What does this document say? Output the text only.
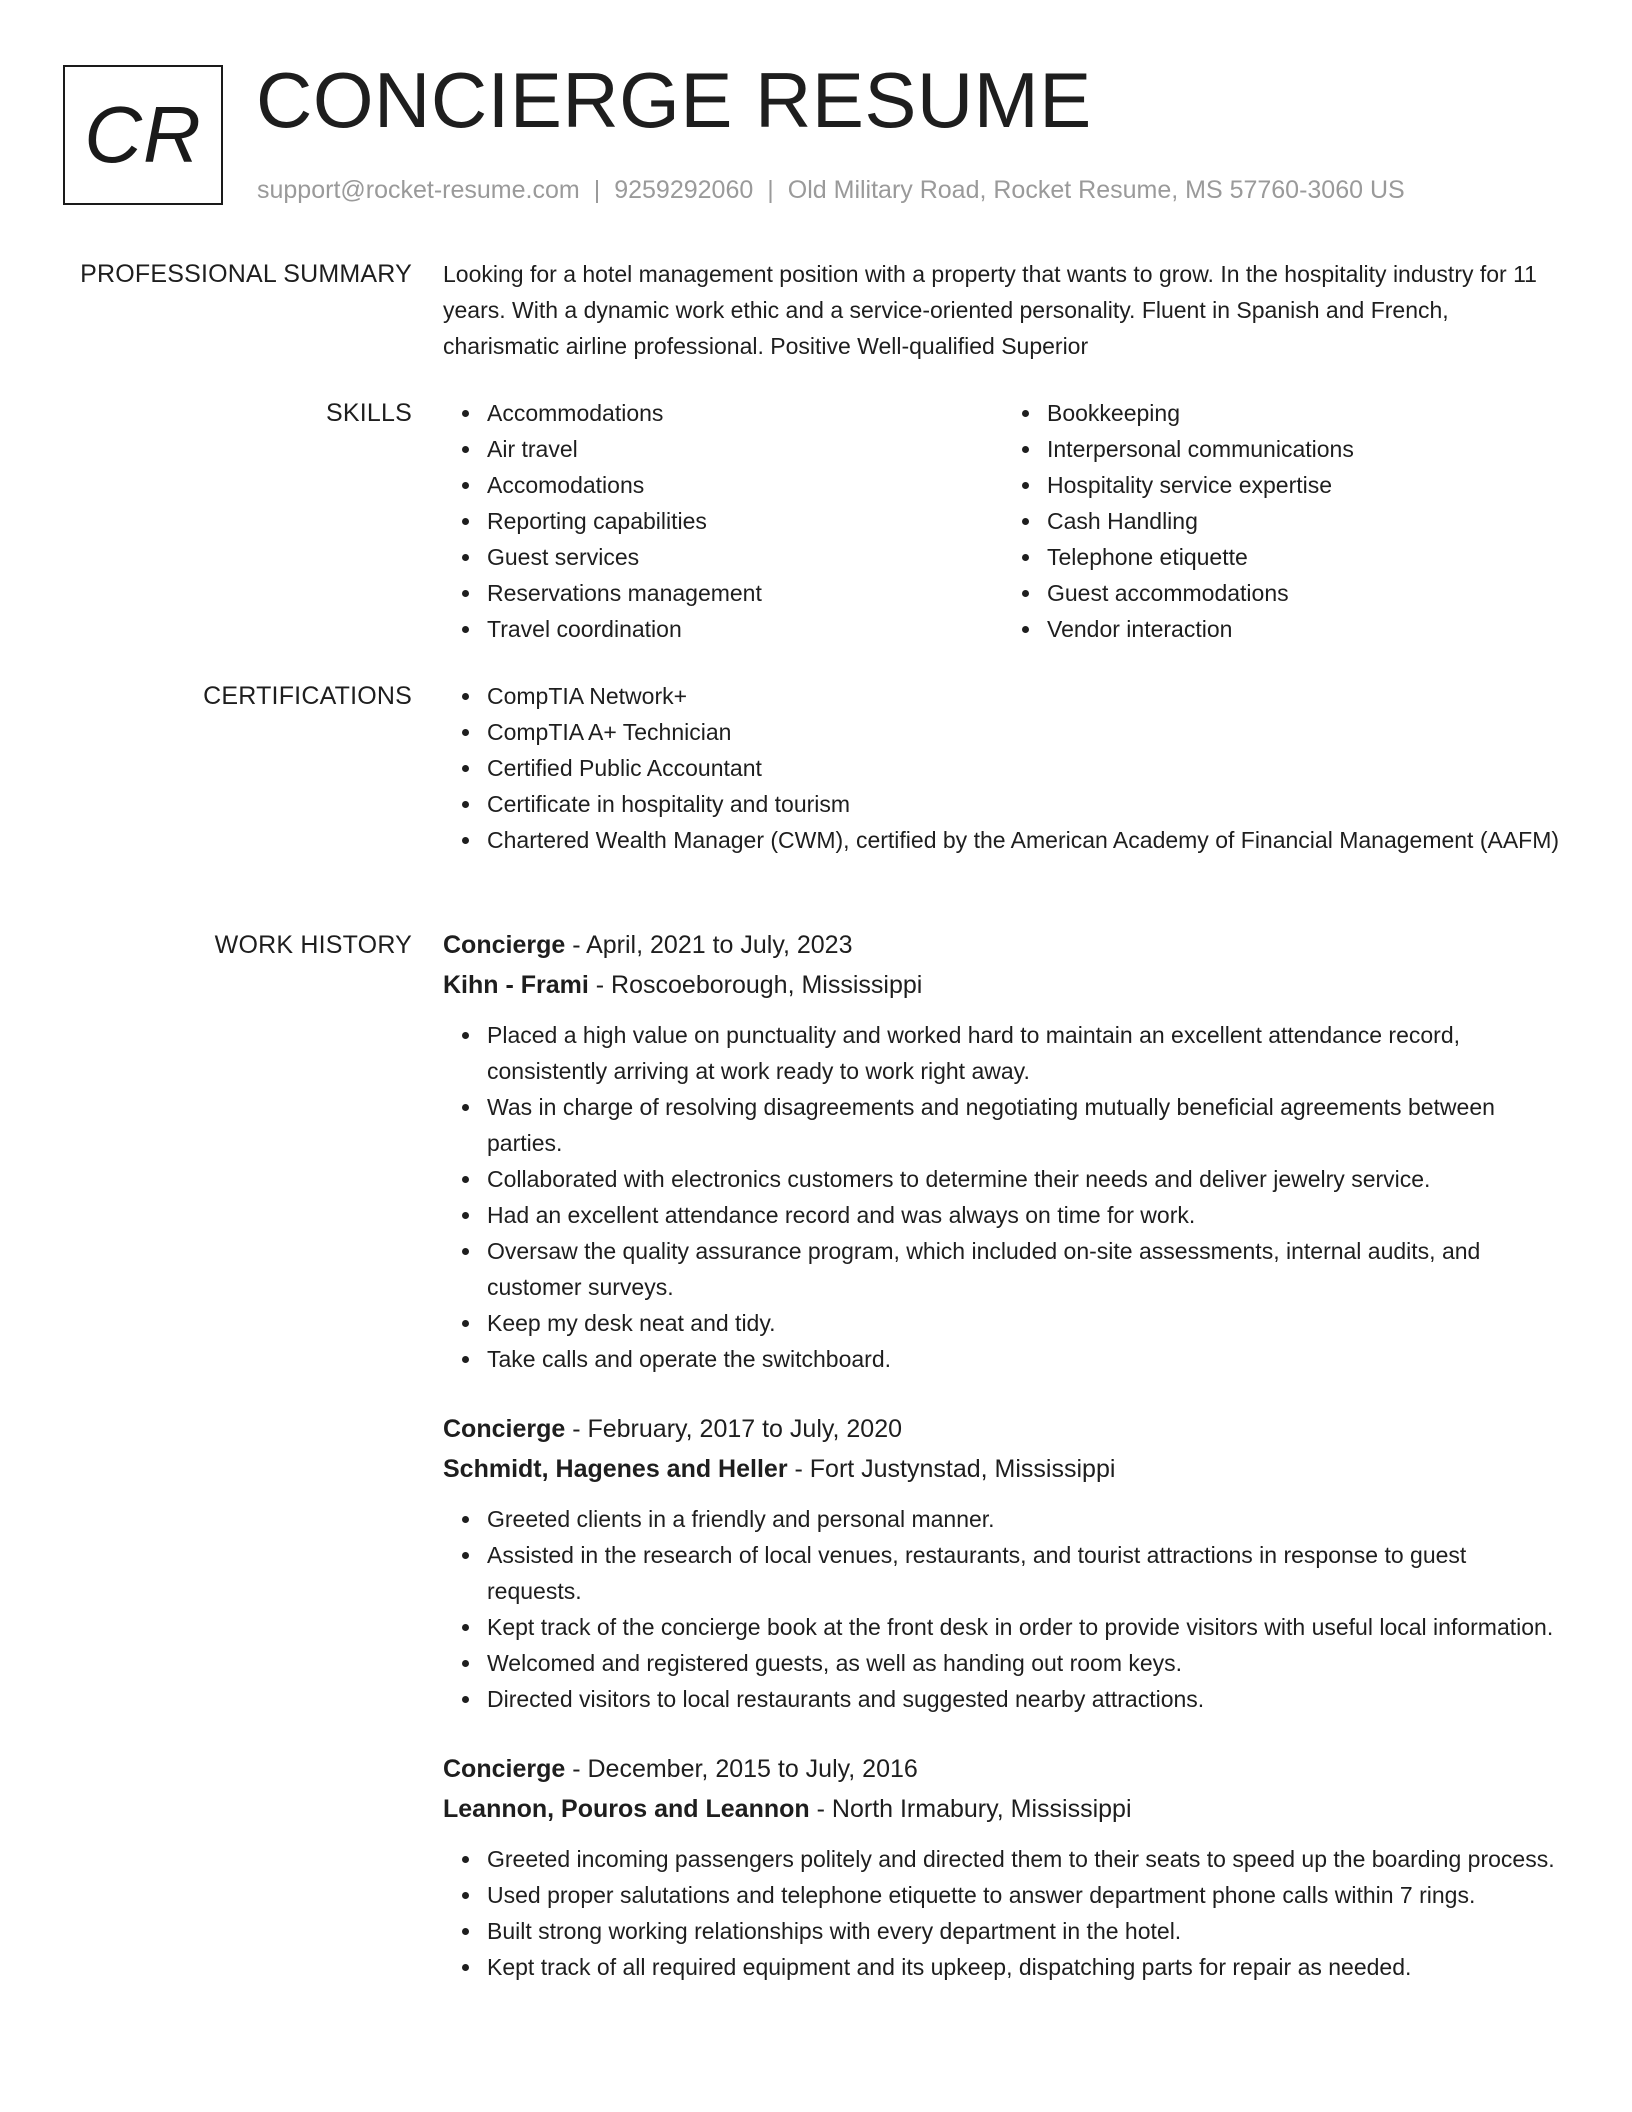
CR CONCIERGE RESUME
support@rocket-resume.com | 9259292060 | Old Military Road, Rocket Resume, MS 57760-3060 US
PROFESSIONAL SUMMARY Looking for a hotel management position with a property that wants to grow. In the hospitality industry for 11 years. With a dynamic work ethic and a service-oriented personality. Fluent in Spanish and French, charismatic airline professional. Positive Well-qualified Superior

SKILLS	Accommodations
Air travel
Accomodations
Reporting capabilities
Guest services
Reservations management
Travel coordination
Bookkeeping
Interpersonal communications
Hospitality service expertise
Cash Handling
Telephone etiquette
Guest accommodations
Vendor interaction
CERTIFICATIONS	CompTIA Network+
CompTIA A+ Technician
Certified Public Accountant
Certificate in hospitality and tourism
Chartered Wealth Manager (CWM), certified by the American Academy of Financial Management (AAFM)
WORK HISTORY Concierge - April, 2021 to July, 2023
Kihn - Frami - Roscoeborough, Mississippi
Placed a high value on punctuality and worked hard to maintain an excellent attendance record, consistently arriving at work ready to work right away.
Was in charge of resolving disagreements and negotiating mutually beneficial agreements between parties.
Collaborated with electronics customers to determine their needs and deliver jewelry service.
Had an excellent attendance record and was always on time for work.
Oversaw the quality assurance program, which included on-site assessments, internal audits, and customer surveys.
Keep my desk neat and tidy.
Take calls and operate the switchboard.
Concierge - February, 2017 to July, 2020
Schmidt, Hagenes and Heller - Fort Justynstad, Mississippi
Greeted clients in a friendly and personal manner.
Assisted in the research of local venues, restaurants, and tourist attractions in response to guest requests.
Kept track of the concierge book at the front desk in order to provide visitors with useful local information.
Welcomed and registered guests, as well as handing out room keys.
Directed visitors to local restaurants and suggested nearby attractions.
Concierge - December, 2015 to July, 2016
Leannon, Pouros and Leannon - North Irmabury, Mississippi
Greeted incoming passengers politely and directed them to their seats to speed up the boarding process.
Used proper salutations and telephone etiquette to answer department phone calls within 7 rings.
Built strong working relationships with every department in the hotel.
Kept track of all required equipment and its upkeep, dispatching parts for repair as needed.
